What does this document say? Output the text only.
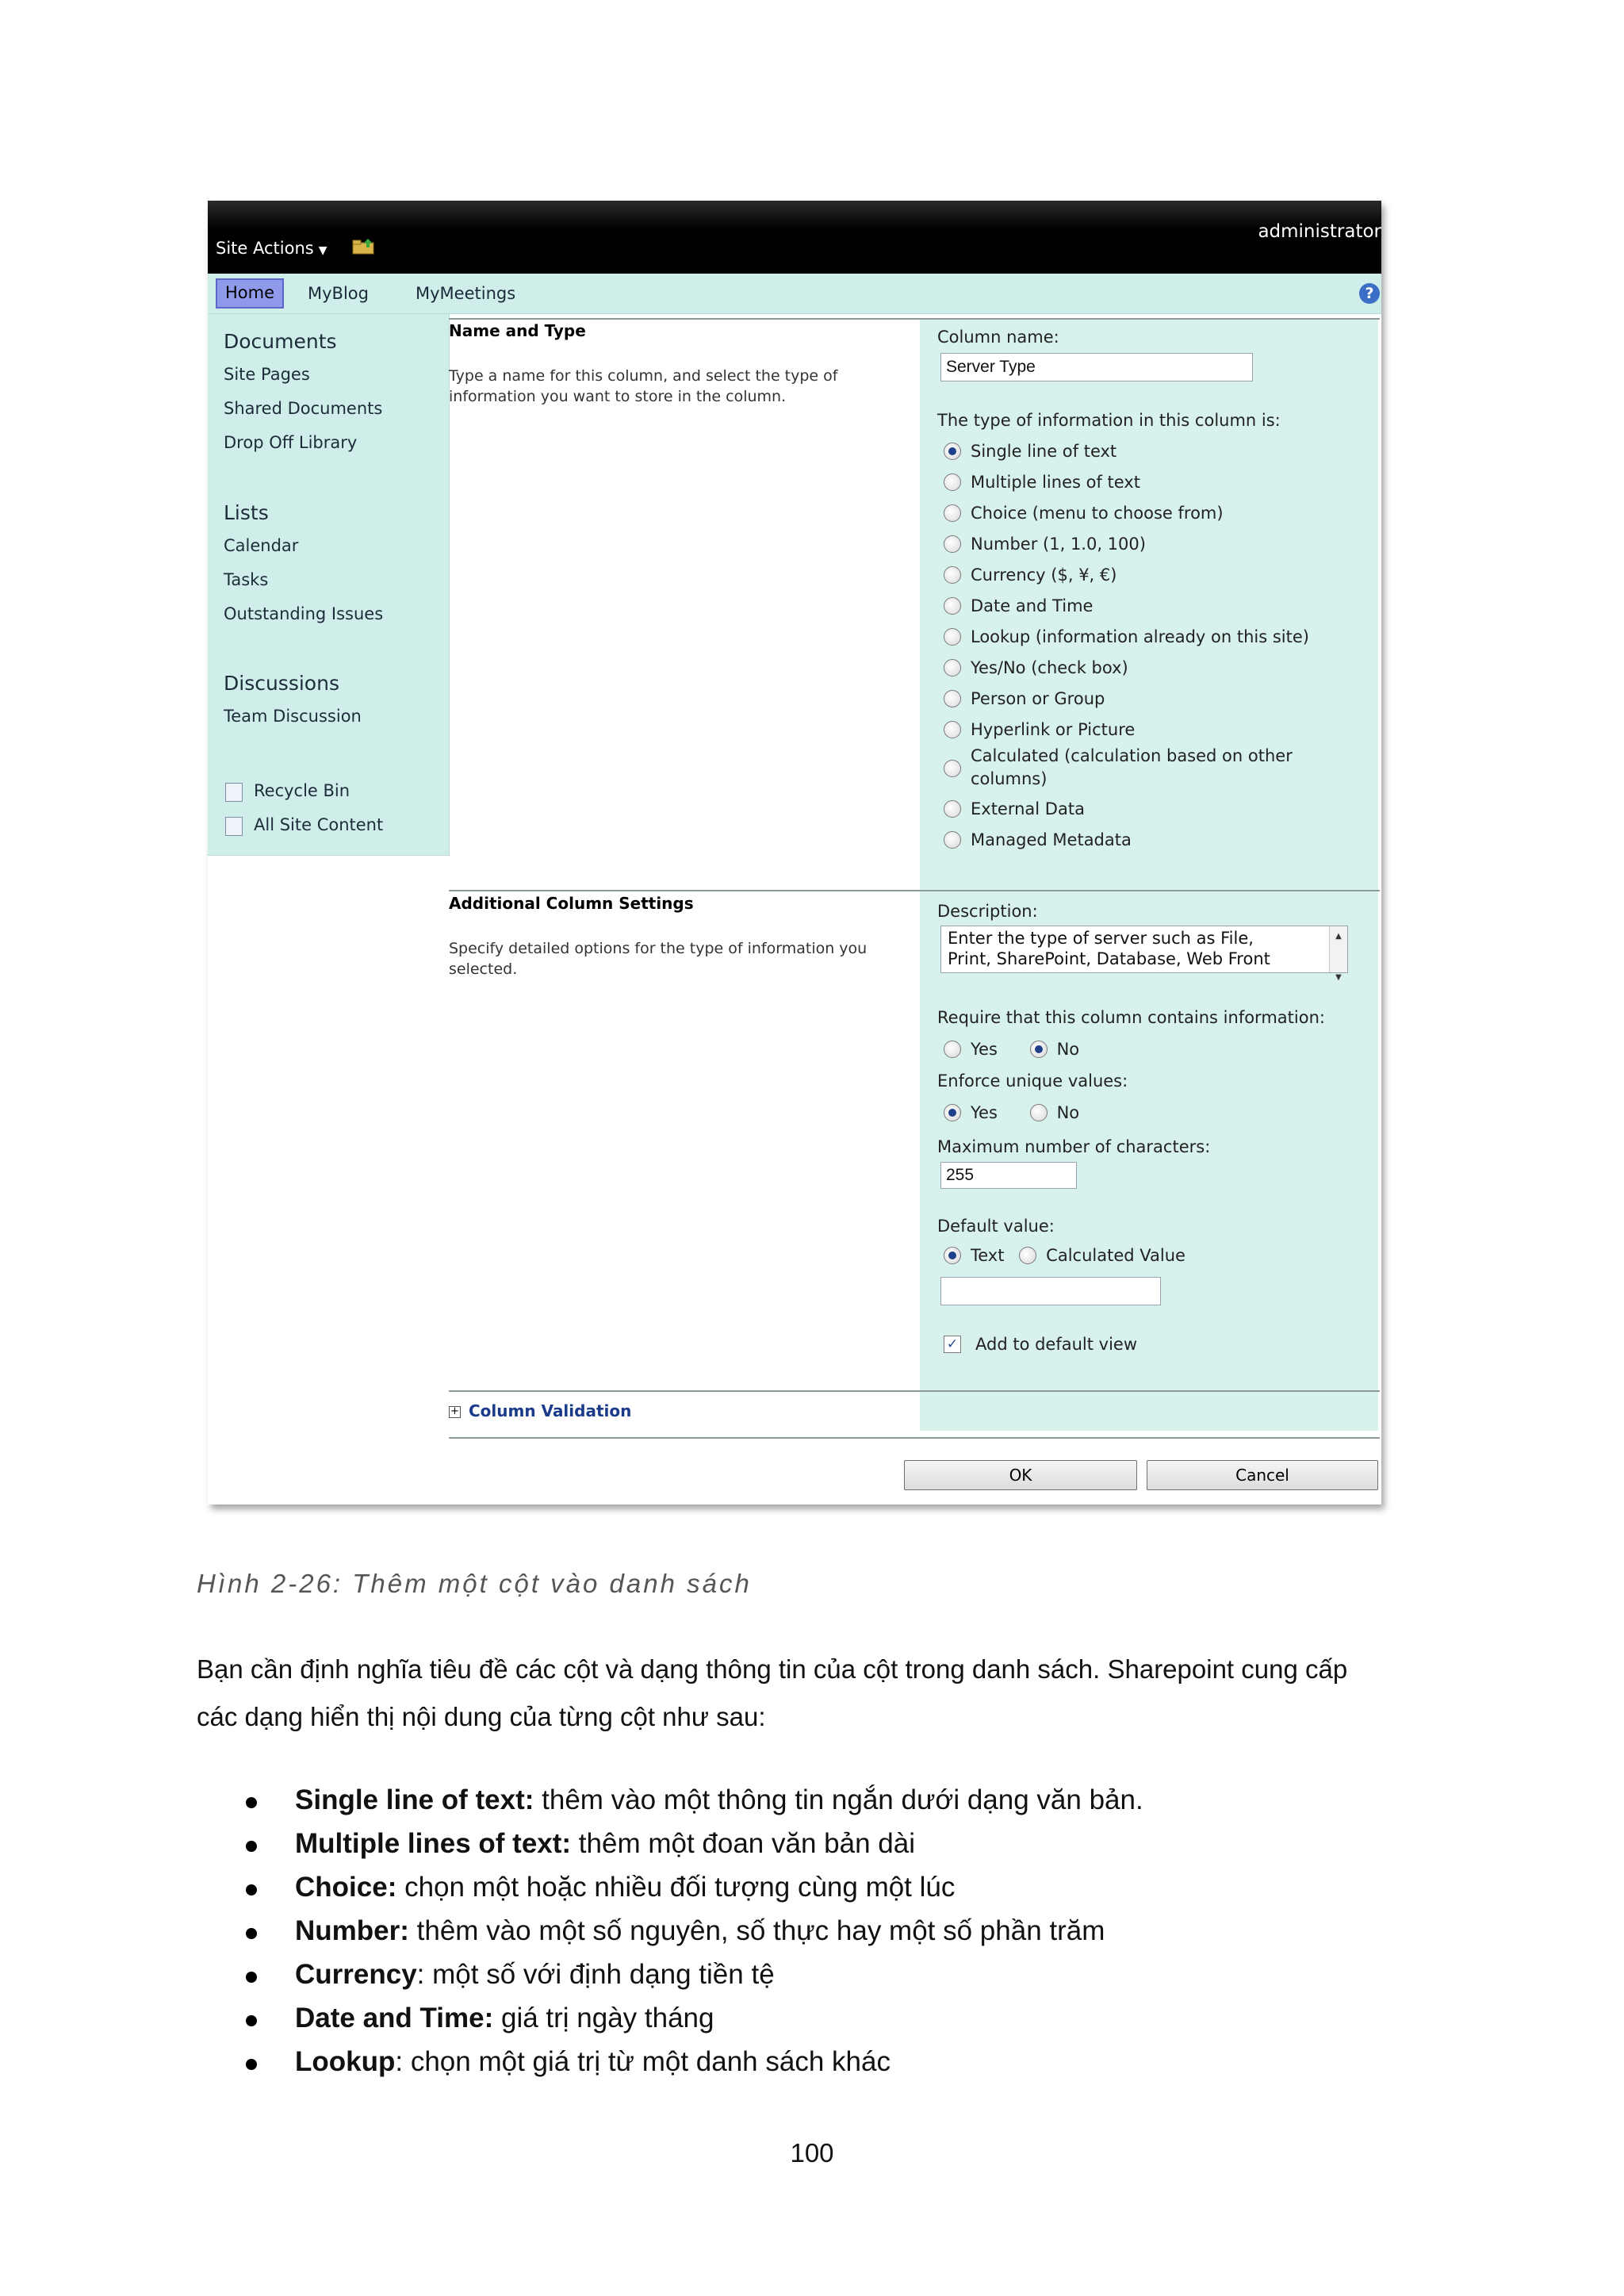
Site Actions ▼
administrator
Home	MyBlog	MyMeetings	?
Documents
Site Pages
Shared Documents
Drop Off Library
Lists
Calendar
Tasks
Outstanding Issues
Discussions
Team Discussion
Recycle Bin
All Site Content
Name and Type
Type a name for this column, and select the type of information you want to store in the column.
Column name:
Server Type
The type of information in this column is:
Single line of text
Multiple lines of text
Choice (menu to choose from)
Number (1, 1.0, 100)
Currency ($, ¥, €)
Date and Time
Lookup (information already on this site)
Yes/No (check box)
Person or Group
Hyperlink or Picture
Calculated (calculation based on other
columns)
External Data
Managed Metadata
Additional Column Settings
Specify detailed options for the type of information you selected.
Description:
Enter the type of server such as File,
Print, SharePoint, Database, Web Front
▲

▼
Require that this column contains information:
Yes	No
Enforce unique values:
Yes	No
Maximum number of characters:
255
Default value:
Text	Calculated Value
✓ Add to default view
+ Column Validation
OK	Cancel
Hình 2-26: Thêm một cột vào danh sách
Bạn cần định nghĩa tiêu đề các cột và dạng thông tin của cột trong danh sách. Sharepoint cung cấp
các dạng hiển thị nội dung của từng cột như sau:
Single line of text: thêm vào một thông tin ngắn dưới dạng văn bản.
Multiple lines of text: thêm một đoan văn bản dài
Choice: chọn một hoặc nhiều đối tượng cùng một lúc
Number: thêm vào một số nguyên, số thực hay một số phần trăm
Currency: một số với định dạng tiền tệ
Date and Time: giá trị ngày tháng
Lookup: chọn một giá trị từ một danh sách khác
100
